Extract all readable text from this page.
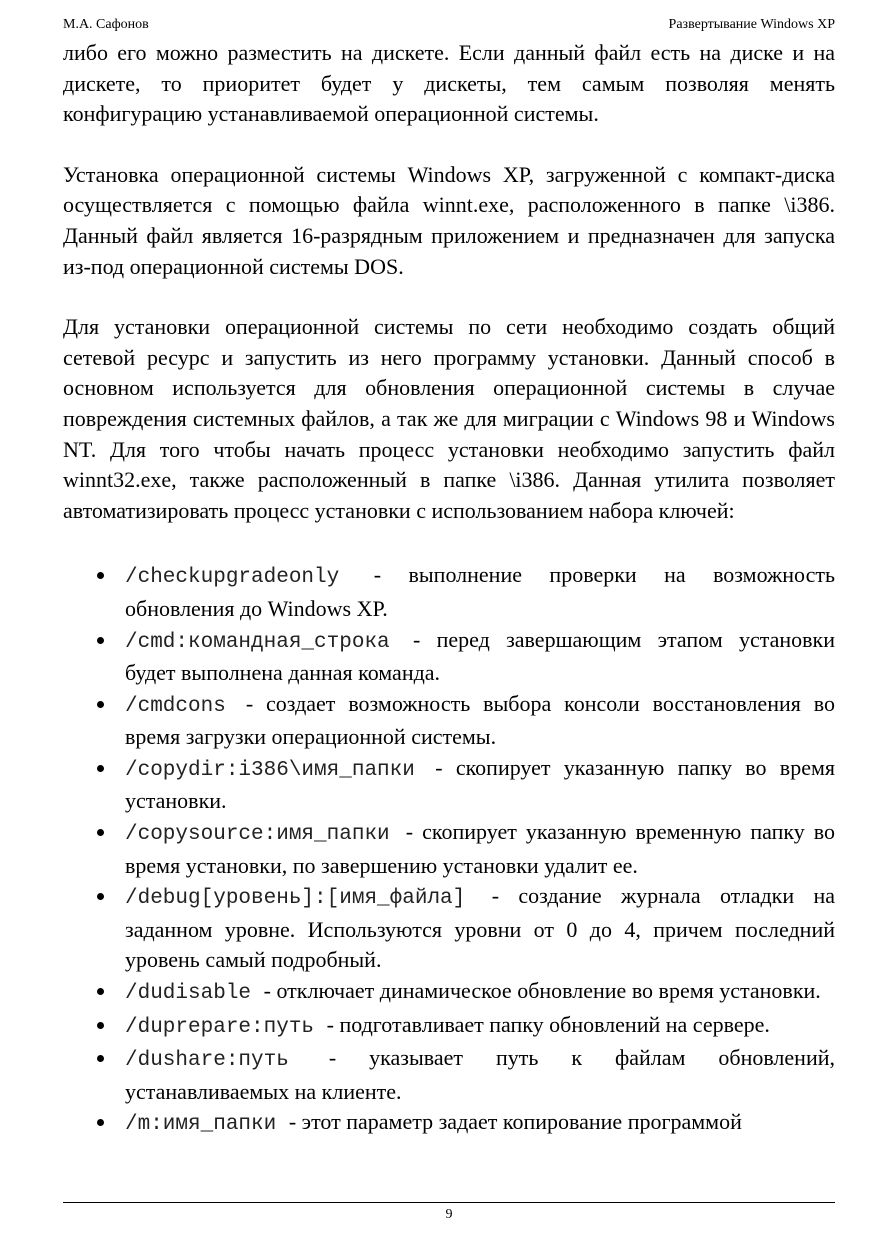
М.А. Сафонов	Развертывание Windows XP

либо его можно разместить на дискете. Если данный файл есть на диске и на дискете, то приоритет будет у дискеты, тем самым позволяя менять конфигурацию устанавливаемой операционной системы.

Установка операционной системы Windows XP, загруженной с компакт-диска осуществляется с помощью файла winnt.exe, расположенного в папке \i386. Данный файл является 16-разрядным приложением и предназначен для запуска из-под операционной системы DOS.

Для установки операционной системы по сети необходимо создать общий сетевой ресурс и запустить из него программу установки. Данный способ в основном используется для обновления операционной системы в случае повреждения системных файлов, а так же для миграции с Windows 98 и Windows NT. Для того чтобы начать процесс установки необходимо запустить файл winnt32.exe, также расположенный в папке \i386. Данная утилита позволяет автоматизировать процесс установки с использованием набора ключей:

/checkupgradeonly - выполнение проверки на возможность обновления до Windows XP.
/cmd:командная_строка - перед завершающим этапом установки будет выполнена данная команда.
/cmdcons - создает возможность выбора консоли восстановления во время загрузки операционной системы.
/copydir:i386\имя_папки - скопирует указанную папку во время установки.
/copysource:имя_папки - скопирует указанную временную папку во время установки, по завершению установки удалит ее.
/debug[уровень]:[имя_файла] - создание журнала отладки на заданном уровне. Используются уровни от 0 до 4, причем последний уровень самый подробный.
/dudisable - отключает динамическое обновление во время установки.
/duprepare:путь - подготавливает папку обновлений на сервере.
/dushare:путь - указывает путь к файлам обновлений, устанавливаемых на клиенте.
/m:имя_папки - этот параметр задает копирование программой
9
